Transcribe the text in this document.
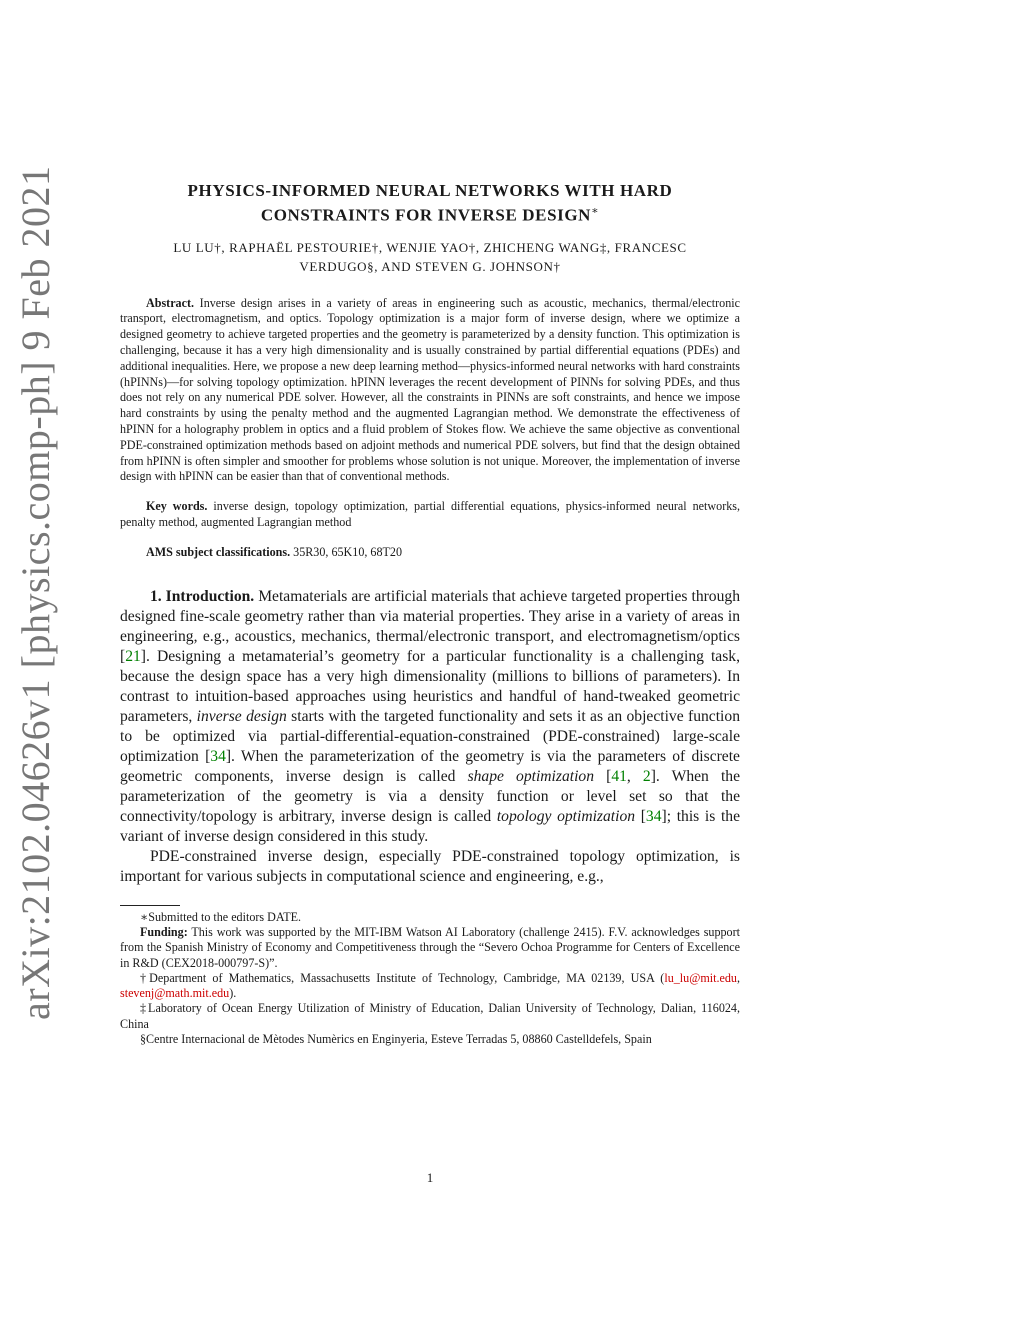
arXiv:2102.04626v1 [physics.comp-ph] 9 Feb 2021	PHYSICS-INFORMED NEURAL NETWORKS WITH HARD
CONSTRAINTS FOR INVERSE DESIGN∗
LU LU†, RAPHAËL PESTOURIE†, WENJIE YAO†, ZHICHENG WANG‡, FRANCESC
VERDUGO§, AND STEVEN G. JOHNSON†
Abstract. Inverse design arises in a variety of areas in engineering such as acoustic, mechanics, thermal/electronic transport, electromagnetism, and optics. Topology optimization is a major form of inverse design, where we optimize a designed geometry to achieve targeted properties and the geometry is parameterized by a density function. This optimization is challenging, because it has a very high dimensionality and is usually constrained by partial differential equations (PDEs) and additional inequalities. Here, we propose a new deep learning method—physics-informed neural networks with hard constraints (hPINNs)—for solving topology optimization. hPINN leverages the recent development of PINNs for solving PDEs, and thus does not rely on any numerical PDE solver. However, all the constraints in PINNs are soft constraints, and hence we impose hard constraints by using the penalty method and the augmented Lagrangian method. We demonstrate the effectiveness of hPINN for a holography problem in optics and a fluid problem of Stokes flow. We achieve the same objective as conventional PDE-constrained optimization methods based on adjoint methods and numerical PDE solvers, but find that the design obtained from hPINN is often simpler and smoother for problems whose solution is not unique. Moreover, the implementation of inverse design with hPINN can be easier than that of conventional methods.
Key words. inverse design, topology optimization, partial differential equations, physics-informed neural networks, penalty method, augmented Lagrangian method
AMS subject classifications. 35R30, 65K10, 68T20

1. Introduction. Metamaterials are artificial materials that achieve targeted properties through designed fine-scale geometry rather than via material properties. They arise in a variety of areas in engineering, e.g., acoustics, mechanics, thermal/electronic transport, and electromagnetism/optics [21]. Designing a metamaterial’s geometry for a particular functionality is a challenging task, because the design space has a very high dimensionality (millions to billions of parameters). In contrast to intuition-based approaches using heuristics and handful of hand-tweaked geometric parameters, inverse design starts with the targeted functionality and sets it as an objective function to be optimized via partial-differential-equation-constrained (PDE-constrained) large-scale optimization [34]. When the parameterization of the geometry is via the parameters of discrete geometric components, inverse design is called shape optimization [41, 2]. When the parameterization of the geometry is via a density function or level set so that the connectivity/topology is arbitrary, inverse design is called topology optimization [34]; this is the variant of inverse design considered in this study.

PDE-constrained inverse design, especially PDE-constrained topology optimization, is important for various subjects in computational science and engineering, e.g.,

∗Submitted to the editors DATE.

Funding: This work was supported by the MIT-IBM Watson AI Laboratory (challenge 2415). F.V. acknowledges support from the Spanish Ministry of Economy and Competitiveness through the “Severo Ochoa Programme for Centers of Excellence in R&D (CEX2018-000797-S)”.

†Department of Mathematics, Massachusetts Institute of Technology, Cambridge, MA 02139, USA (lu_lu@mit.edu, stevenj@math.mit.edu).

‡Laboratory of Ocean Energy Utilization of Ministry of Education, Dalian University of Technology, Dalian, 116024, China

§Centre Internacional de Mètodes Numèrics en Enginyeria, Esteve Terradas 5, 08860 Castelldefels, Spain

1
